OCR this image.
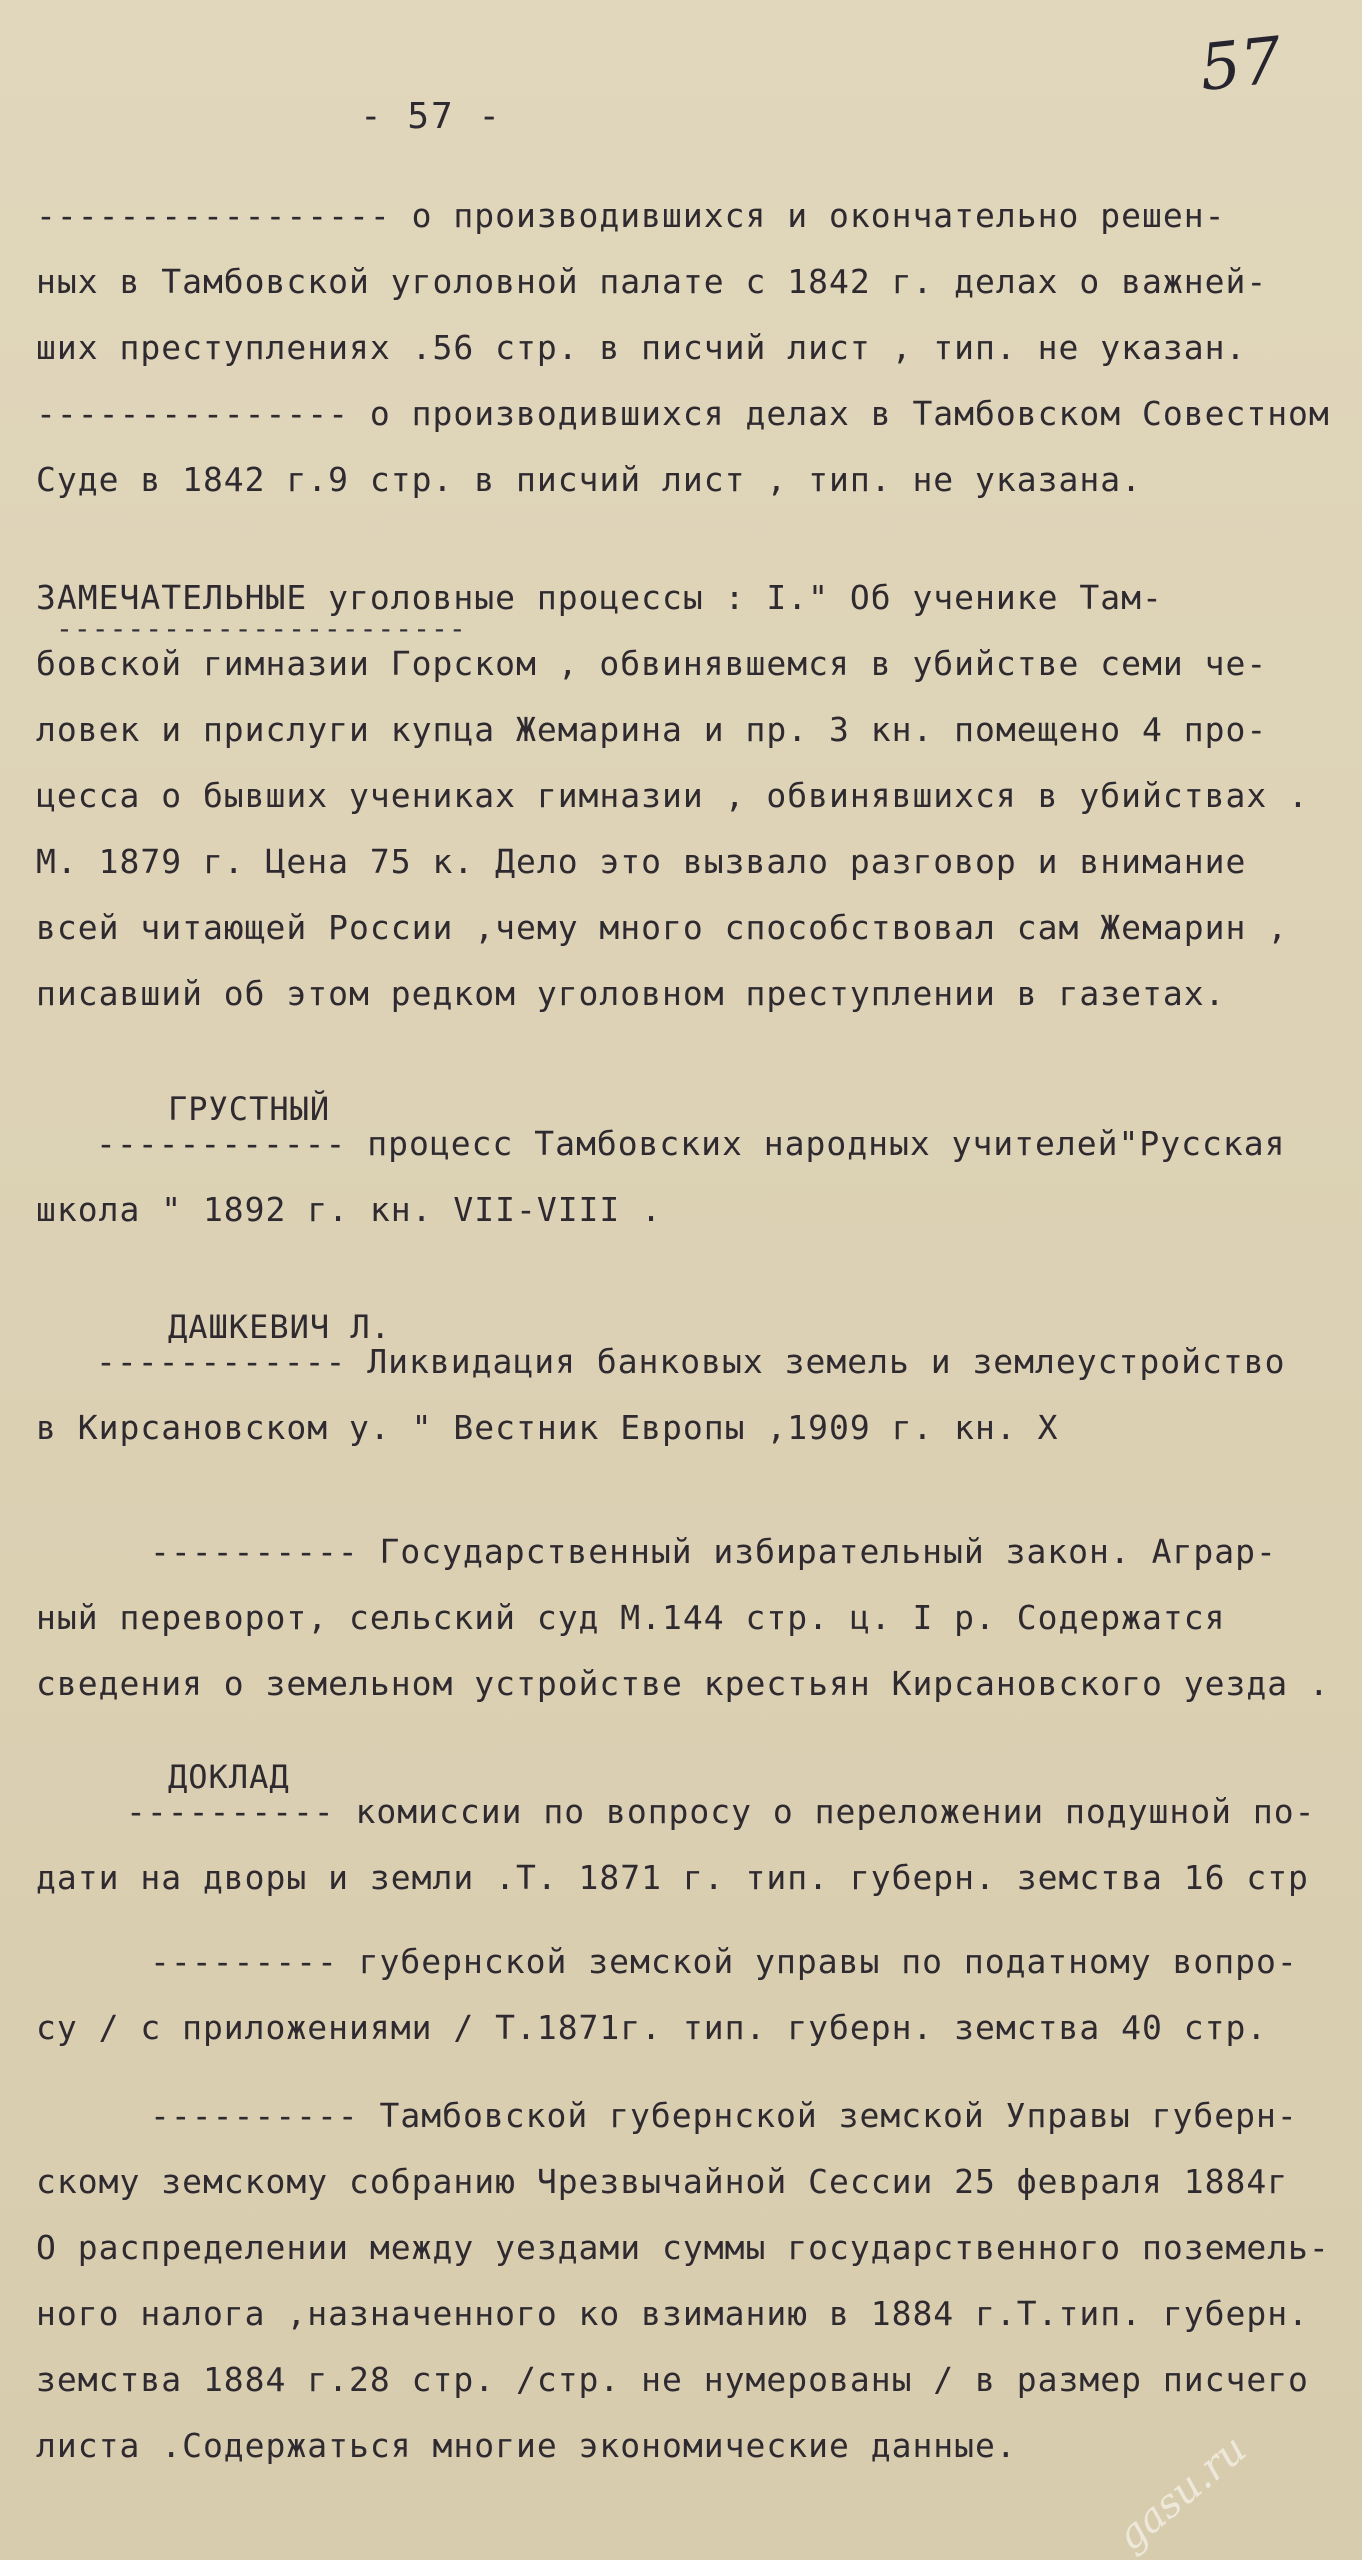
- 57 -
57
----------------- о производившихся и окончательно решен-
ных в Тамбовской уголовной палате с 1842 г. делах о важней-
ших преступлениях .56 стр. в писчий лист , тип. не указан.
--------------- о производившихся делах в Тамбовском Совестном
Суде в 1842 г.9 стр. в писчий лист , тип. не указана.
ЗАМЕЧАТЕЛЬНЫЕ уголовные процессы : I." Об ученике Там-
-----------------------
бовской гимназии Горском , обвинявшемся в убийстве семи че-
ловек и прислуги купца Жемарина и пр. 3 кн. помещено 4 про-
цесса о бывших учениках гимназии , обвинявшихся в убийствах .
М. 1879 г. Цена 75 к. Дело это вызвало разговор и внимание
всей читающей России ,чему много способствовал сам Жемарин ,
писавший об этом редком уголовном преступлении в газетах.
ГРУСТНЫЙ
------------ процесс Тамбовских народных учителей"Русская
школа " 1892 г. кн. VII-VIII .
ДАШКЕВИЧ Л.
------------ Ликвидация банковых земель и землеустройство
в Кирсановском у. " Вестник Европы ,1909 г. кн. X
---------- Государственный избирательный закон. Аграр-
ный переворот, сельский суд М.144 стр. ц. I р. Содержатся
сведения о земельном устройстве крестьян Кирсановского уезда .
ДОКЛАД
---------- комиссии по вопросу о переложении подушной по-
дати на дворы и земли .Т. 1871 г. тип. губерн. земства 16 стр
--------- губернской земской управы по податному вопро-
су / с приложениями / Т.1871г. тип. губерн. земства 40 стр.
---------- Тамбовской губернской земской Управы губерн-
скому земскому собранию Чрезвычайной Сессии 25 февраля 1884г
О распределении между уездами суммы государственного поземель-
ного налога ,назначенного ко взиманию в 1884 г.Т.тип. губерн.
земства 1884 г.28 стр. /стр. не нумерованы / в размер писчего
листа .Содержаться многие экономические данные. gasu.ru
